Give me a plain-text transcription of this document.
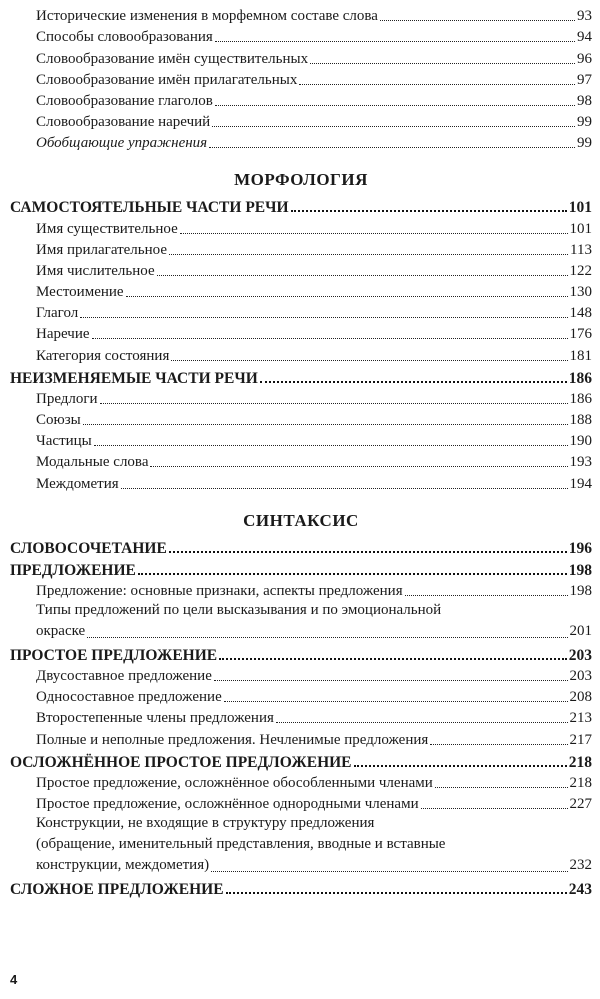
Исторические изменения в морфемном составе слова	93
Способы словообразования	94
Словообразование имён существительных	96
Словообразование имён прилагательных	97
Словообразование глаголов	98
Словообразование наречий	99
Обобщающие упражнения	99
МОРФОЛОГИЯ
САМОСТОЯТЕЛЬНЫЕ ЧАСТИ РЕЧИ	101
Имя существительное	101
Имя прилагательное	113
Имя числительное	122
Местоимение	130
Глагол	148
Наречие	176
Категория состояния	181
НЕИЗМЕНЯЕМЫЕ ЧАСТИ РЕЧИ	186
Предлоги	186
Союзы	188
Частицы	190
Модальные слова	193
Междометия	194
СИНТАКСИС
СЛОВОСОЧЕТАНИЕ	196
ПРЕДЛОЖЕНИЕ	198
Предложение: основные признаки, аспекты предложения	198
Типы предложений по цели высказывания и по эмоциональной
окраске	201
ПРОСТОЕ ПРЕДЛОЖЕНИЕ	203
Двусоставное предложение	203
Односоставное предложение	208
Второстепенные члены предложения	213
Полные и неполные предложения. Нечленимые предложения	217
ОСЛОЖНЁННОЕ ПРОСТОЕ ПРЕДЛОЖЕНИЕ	218
Простое предложение, осложнённое обособленными членами	218
Простое предложение, осложнённое однородными членами	227
Конструкции, не входящие в структуру предложения
(обращение, именительный представления, вводные и вставные
конструкции, междометия)	232
СЛОЖНОЕ ПРЕДЛОЖЕНИЕ	243
4
